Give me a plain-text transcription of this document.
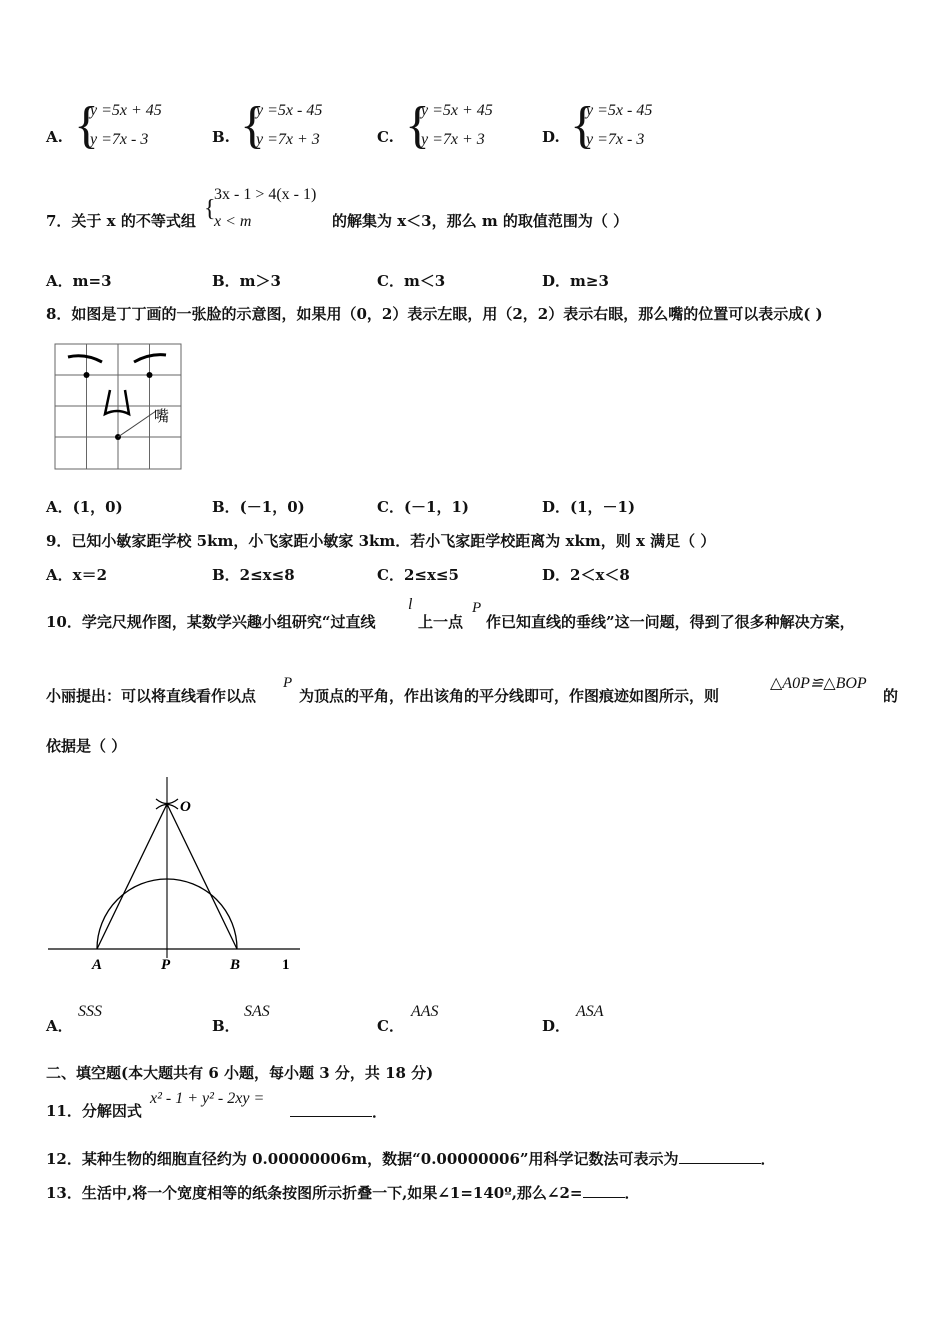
A. {
y =5x + 45
y =7x - 3	B. {
y =5x - 45
y =7x + 3	C. {
y =5x + 45
y =7x + 3	D. {
y =5x - 45
y =7x - 3
7．关于 x 的不等式组 {
3x - 1 > 4(x - 1)
x < m	的解集为 x＜3，那么 m 的取值范围为（ ）
A．m=3	B．m＞3	C．m＜3	D．m≥3
8．如图是丁丁画的一张脸的示意图，如果用（0，2）表示左眼，用（2，2）表示右眼，那么嘴的位置可以表示成( )
嘴
A．(1，0)	B．(－1，0)	C．(－1，1)	D．(1，－1)
9．已知小敏家距学校 5km，小飞家距小敏家 3km．若小飞家距学校距离为 xkm，则 x 满足（ ）
A．x＝2	B．2≤x≤8	C．2≤x≤5	D．2＜x＜8
10．学完尺规作图，某数学兴趣小组研究“过直线
l
上一点
P
作已知直线的垂线”这一问题，得到了很多种解决方案，
小丽提出：可以将直线看作以点
P
为顶点的平角，作出该角的平分线即可，作图痕迹如图所示，则
△A0P≌△BOP
的
依据是（ ）
O
A	P	B	1
A．
SSS
B．
SAS
C．
AAS
D．
ASA
二、填空题(本大题共有 6 小题，每小题 3 分，共 18 分)
11．分解因式
x² - 1 + y² - 2xy =
．
12．某种生物的细胞直径约为 0.00000006m，数据“0.00000006”用科学记数法可表示为	．
13．生活中,将一个宽度相等的纸条按图所示折叠一下,如果∠1=140º,那么∠2=	．
